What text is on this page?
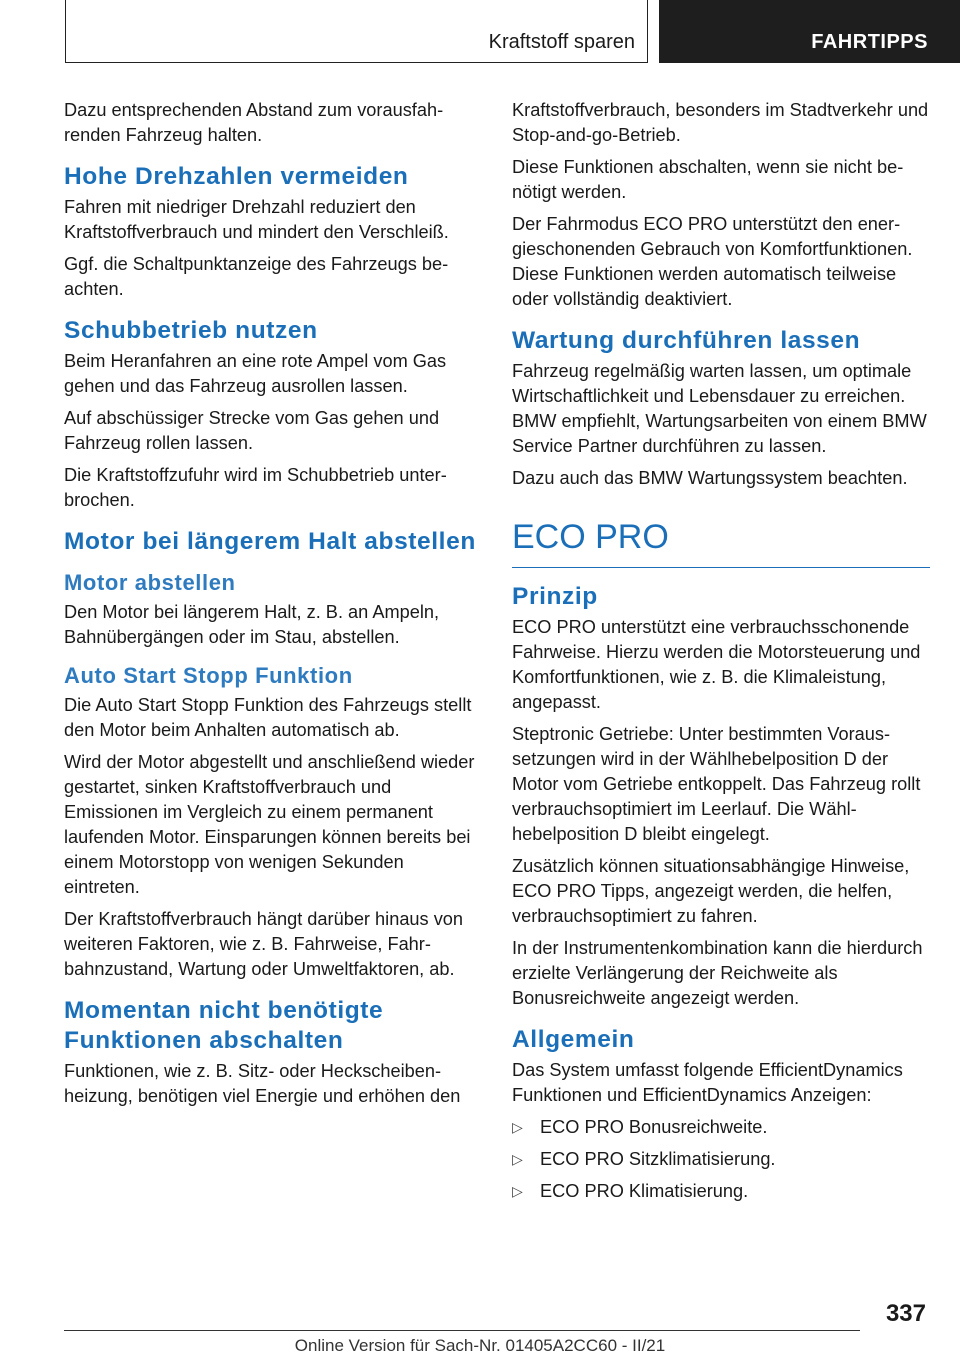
Kraftstoff sparen	FAHRTIPPS

Dazu entsprechenden Abstand zum vorausfahrenden Fahrzeug halten.

Hohe Drehzahlen vermeiden

Fahren mit niedriger Drehzahl reduziert den Kraftstoffverbrauch und mindert den Verschleiß.

Ggf. die Schaltpunktanzeige des Fahrzeugs beachten.

Schubbetrieb nutzen

Beim Heranfahren an eine rote Ampel vom Gas gehen und das Fahrzeug ausrollen lassen.

Auf abschüssiger Strecke vom Gas gehen und Fahrzeug rollen lassen.

Die Kraftstoffzufuhr wird im Schubbetrieb unterbrochen.

Motor bei längerem Halt abstellen
Motor abstellen

Den Motor bei längerem Halt, z. B. an Ampeln, Bahnübergängen oder im Stau, abstellen.

Auto Start Stopp Funktion

Die Auto Start Stopp Funktion des Fahrzeugs stellt den Motor beim Anhalten automatisch ab.

Wird der Motor abgestellt und anschließend wieder gestartet, sinken Kraftstoffverbrauch und Emissionen im Vergleich zu einem permanent laufenden Motor. Einsparungen können bereits bei einem Motorstopp von wenigen Sekunden eintreten.

Der Kraftstoffverbrauch hängt darüber hinaus von weiteren Faktoren, wie z. B. Fahrweise, Fahrbahnzustand, Wartung oder Umweltfaktoren, ab.

Momentan nicht benötigte Funktionen abschalten

Funktionen, wie z. B. Sitz- oder Heckscheibenheizung, benötigen viel Energie und erhöhen den

Kraftstoffverbrauch, besonders im Stadtverkehr und Stop-and-go-Betrieb.

Diese Funktionen abschalten, wenn sie nicht benötigt werden.

Der Fahrmodus ECO PRO unterstützt den energieschonenden Gebrauch von Komfortfunktionen. Diese Funktionen werden automatisch teilweise oder vollständig deaktiviert.

Wartung durchführen lassen

Fahrzeug regelmäßig warten lassen, um optimale Wirtschaftlichkeit und Lebensdauer zu erreichen. BMW empfiehlt, Wartungsarbeiten von einem BMW Service Partner durchführen zu lassen.

Dazu auch das BMW Wartungssystem beachten.

ECO PRO
Prinzip

ECO PRO unterstützt eine verbrauchsschonende Fahrweise. Hierzu werden die Motorsteuerung und Komfortfunktionen, wie z. B. die Klimaleistung, angepasst.

Steptronic Getriebe: Unter bestimmten Voraussetzungen wird in der Wählhebelposition D der Motor vom Getriebe entkoppelt. Das Fahrzeug rollt verbrauchsoptimiert im Leerlauf. Die Wählhebelposition D bleibt eingelegt.

Zusätzlich können situationsabhängige Hinweise, ECO PRO Tipps, angezeigt werden, die helfen, verbrauchsoptimiert zu fahren.

In der Instrumentenkombination kann die hierdurch erzielte Verlängerung der Reichweite als Bonusreichweite angezeigt werden.

Allgemein

Das System umfasst folgende EfficientDynamics Funktionen und EfficientDynamics Anzeigen:

▷ ECO PRO Bonusreichweite.
▷ ECO PRO Sitzklimatisierung.
▷ ECO PRO Klimatisierung.
337
Online Version für Sach-Nr. 01405A2CC60 - II/21
